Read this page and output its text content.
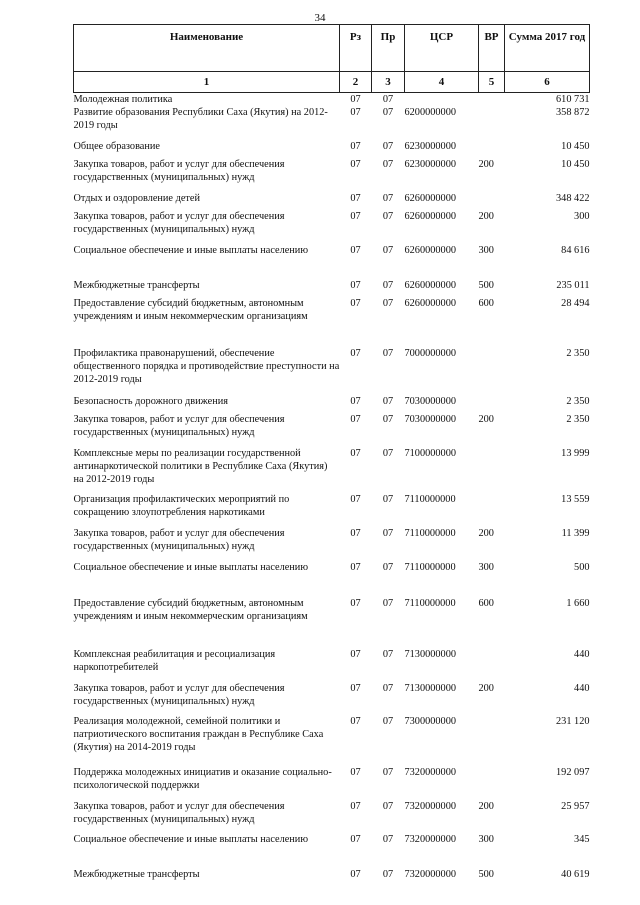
34
Наименование	Рз	Пр	ЦСР	ВР	Сумма 2017 год
1	2	3	4	5	6
Молодежная политика	07	07			610 731
Развитие образования Республики Саха (Якутия) на 2012-2019 годы	07	07	6200000000		358 872
Общее образование	07	07	6230000000		10 450
Закупка товаров, работ и услуг для обеспечения государственных (муниципальных) нужд	07	07	6230000000	200	10 450
Отдых и оздоровление детей	07	07	6260000000		348 422
Закупка товаров, работ и услуг для обеспечения государственных (муниципальных) нужд	07	07	6260000000	200	300
Социальное обеспечение и иные выплаты населению	07	07	6260000000	300	84 616
Межбюджетные трансферты	07	07	6260000000	500	235 011
Предоставление субсидий бюджетным, автономным учреждениям и иным некоммерческим организациям	07	07	6260000000	600	28 494
Профилактика правонарушений, обеспечение общественного порядка и противодействие преступности на 2012-2019 годы	07	07	7000000000		2 350
Безопасность дорожного движения	07	07	7030000000		2 350
Закупка товаров, работ и услуг для обеспечения государственных (муниципальных) нужд	07	07	7030000000	200	2 350
Комплексные меры по реализации государственной антинаркотической политики в Республике Саха (Якутия) на 2012-2019 годы	07	07	7100000000		13 999
Организация профилактических мероприятий по сокращению злоупотребления наркотиками	07	07	7110000000		13 559
Закупка товаров, работ и услуг для обеспечения государственных (муниципальных) нужд	07	07	7110000000	200	11 399
Социальное обеспечение и иные выплаты населению	07	07	7110000000	300	500
Предоставление субсидий бюджетным, автономным учреждениям и иным некоммерческим организациям	07	07	7110000000	600	1 660
Комплексная реабилитация и ресоциализация наркопотребителей	07	07	7130000000		440
Закупка товаров, работ и услуг для обеспечения государственных (муниципальных) нужд	07	07	7130000000	200	440
Реализация молодежной, семейной политики и патриотического воспитания граждан в Республике Саха (Якутия) на 2014-2019 годы	07	07	7300000000		231 120
Поддержка молодежных инициатив и оказание социально-психологической поддержки	07	07	7320000000		192 097
Закупка товаров, работ и услуг для обеспечения государственных (муниципальных) нужд	07	07	7320000000	200	25 957
Социальное обеспечение и иные выплаты населению	07	07	7320000000	300	345
Межбюджетные трансферты	07	07	7320000000	500	40 619
